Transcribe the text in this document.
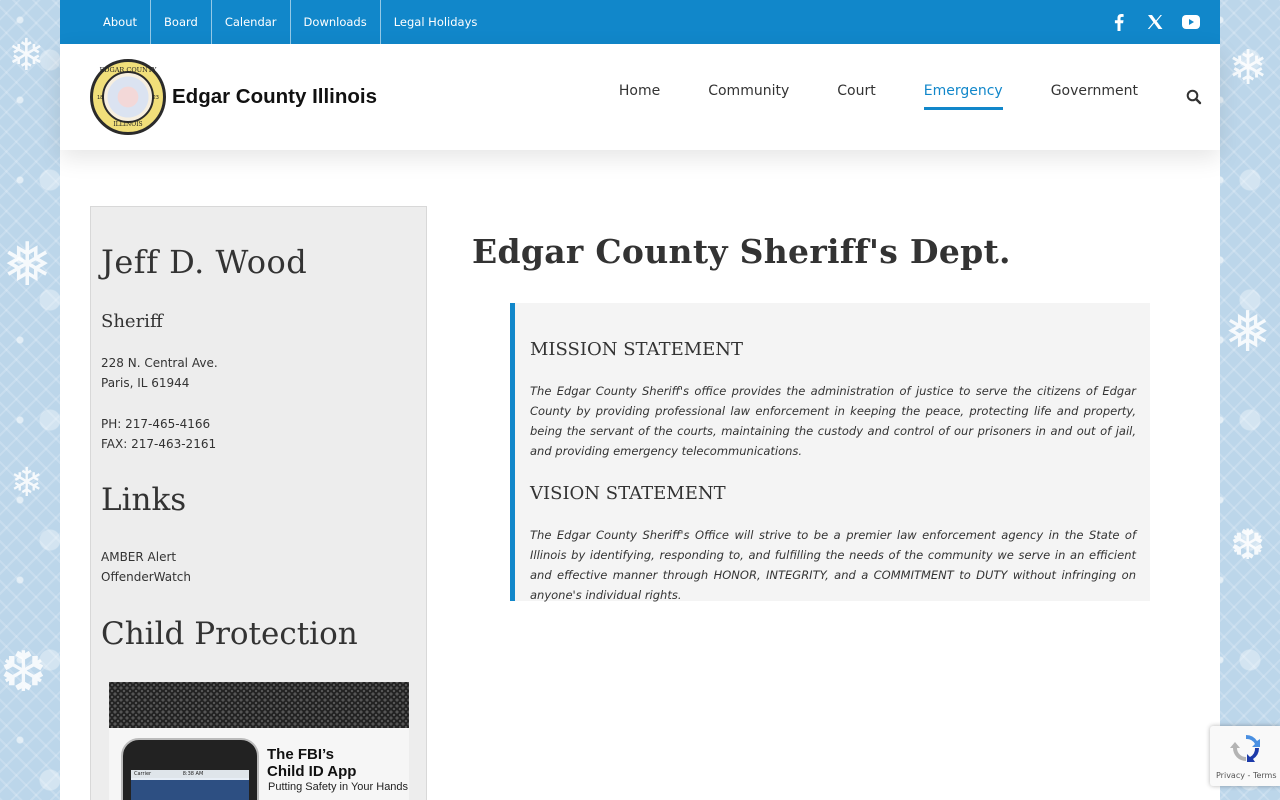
❄
❅
❄
❆
❄
❅
❆
About	Board	Calendar	Downloads	Legal Holidays
EDGAR COUNTY
18	23
ILLINOIS
Edgar County Illinois	Home	Community	Court	Emergency	Government
Jeff D. Wood
Sheriff
228 N. Central Ave.
Paris, IL 61944
PH: 217-465-4166
FAX: 217-463-2161
Links
AMBER Alert
OffenderWatch
Child Protection
Carrier	8:38 AM
The FBI’s
Child ID App
Putting Safety in Your Hands
Edgar County Sheriff's Dept.
MISSION STATEMENT
The Edgar County Sheriff's office provides the administration of justice to serve the citizens of Edgar County by providing professional law enforcement in keeping the peace, protecting life and property, being the servant of the courts, maintaining the custody and control of our prisoners in and out of jail, and providing emergency telecommunications.
VISION STATEMENT
The Edgar County Sheriff's Office will strive to be a premier law enforcement agency in the State of Illinois by identifying, responding to, and fulfilling the needs of the community we serve in an efficient and effective manner through HONOR, INTEGRITY, and a COMMITMENT to DUTY without infringing on anyone's individual rights.
Privacy - Terms
